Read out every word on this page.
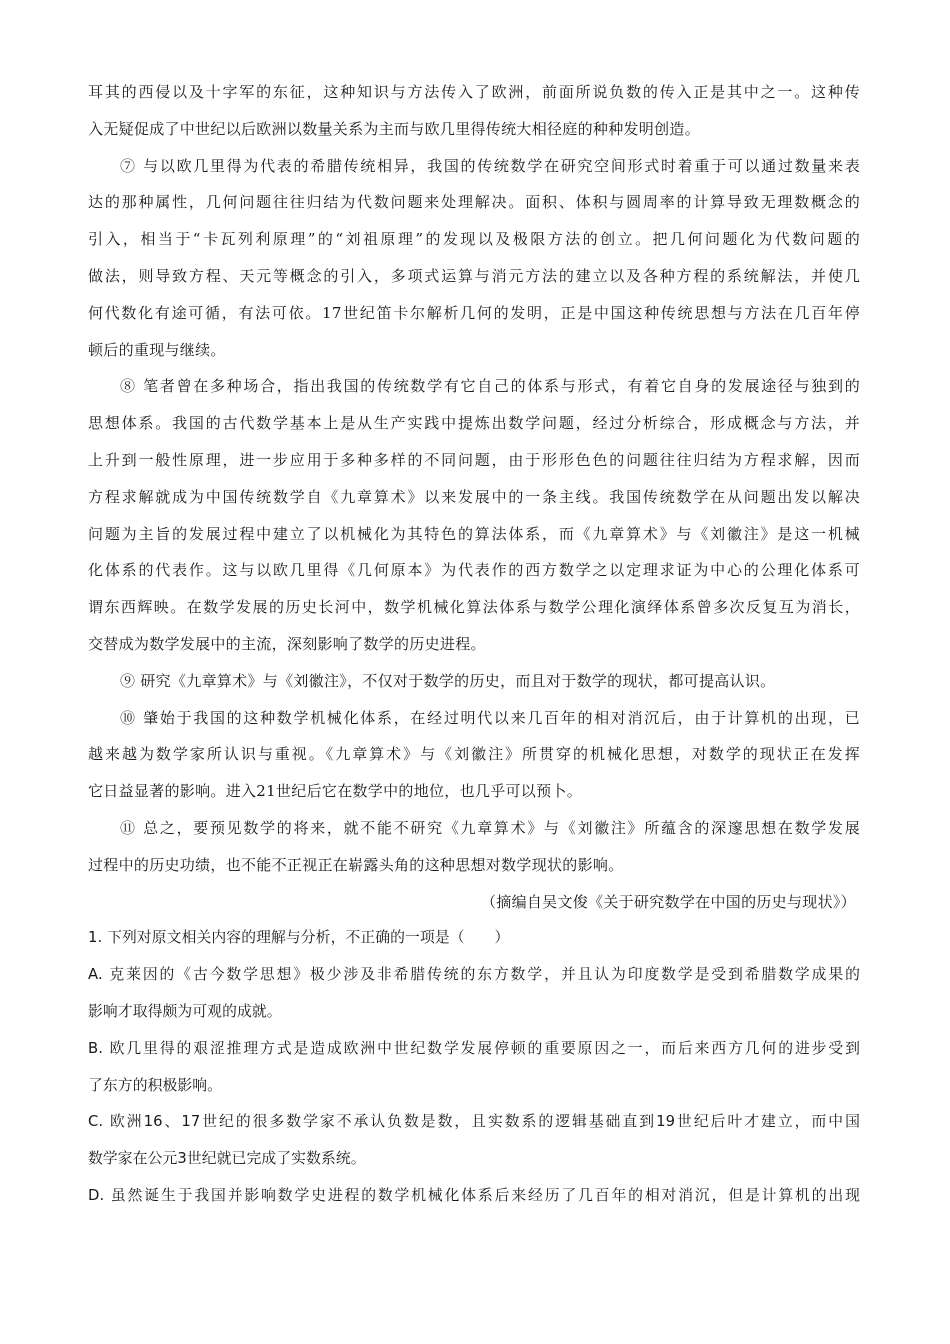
耳其的西侵以及十字军的东征，这种知识与方法传入了欧洲，前面所说负数的传入正是其中之一。这种传
入无疑促成了中世纪以后欧洲以数量关系为主而与欧几里得传统大相径庭的种种发明创造。
⑦ 与以欧几里得为代表的希腊传统相异，我国的传统数学在研究空间形式时着重于可以通过数量来表
达的那种属性，几何问题往往归结为代数问题来处理解决。面积、体积与圆周率的计算导致无理数概念的
引入，相当于“卡瓦列利原理”的“刘祖原理”的发现以及极限方法的创立。把几何问题化为代数问题的
做法，则导致方程、天元等概念的引入，多项式运算与消元方法的建立以及各种方程的系统解法，并使几
何代数化有途可循，有法可依。17世纪笛卡尔解析几何的发明，正是中国这种传统思想与方法在几百年停
顿后的重现与继续。
⑧ 笔者曾在多种场合，指出我国的传统数学有它自己的体系与形式，有着它自身的发展途径与独到的
思想体系。我国的古代数学基本上是从生产实践中提炼出数学问题，经过分析综合，形成概念与方法，并
上升到一般性原理，进一步应用于多种多样的不同问题，由于形形色色的问题往往归结为方程求解，因而
方程求解就成为中国传统数学自《九章算术》以来发展中的一条主线。我国传统数学在从问题出发以解决
问题为主旨的发展过程中建立了以机械化为其特色的算法体系，而《九章算术》与《刘徽注》是这一机械
化体系的代表作。这与以欧几里得《几何原本》为代表作的西方数学之以定理求证为中心的公理化体系可
谓东西辉映。在数学发展的历史长河中，数学机械化算法体系与数学公理化演绎体系曾多次反复互为消长，
交替成为数学发展中的主流，深刻影响了数学的历史进程。
⑨ 研究《九章算术》与《刘徽注》，不仅对于数学的历史，而且对于数学的现状，都可提高认识。
⑩ 肇始于我国的这种数学机械化体系，在经过明代以来几百年的相对消沉后，由于计算机的出现，已
越来越为数学家所认识与重视。《九章算术》与《刘徽注》所贯穿的机械化思想，对数学的现状正在发挥
它日益显著的影响。进入21世纪后它在数学中的地位，也几乎可以预卜。
⑪ 总之，要预见数学的将来，就不能不研究《九章算术》与《刘徽注》所蕴含的深邃思想在数学发展
过程中的历史功绩，也不能不正视正在崭露头角的这种思想对数学现状的影响。
（摘编自吴文俊《关于研究数学在中国的历史与现状》）
1. 下列对原文相关内容的理解与分析，不正确的一项是（　　）
A. 克莱因的《古今数学思想》极少涉及非希腊传统的东方数学，并且认为印度数学是受到希腊数学成果的
影响才取得颇为可观的成就。
B. 欧几里得的艰涩推理方式是造成欧洲中世纪数学发展停顿的重要原因之一，而后来西方几何的进步受到
了东方的积极影响。
C. 欧洲16、17世纪的很多数学家不承认负数是数，且实数系的逻辑基础直到19世纪后叶才建立，而中国
数学家在公元3世纪就已完成了实数系统。
D. 虽然诞生于我国并影响数学史进程的数学机械化体系后来经历了几百年的相对消沉，但是计算机的出现
